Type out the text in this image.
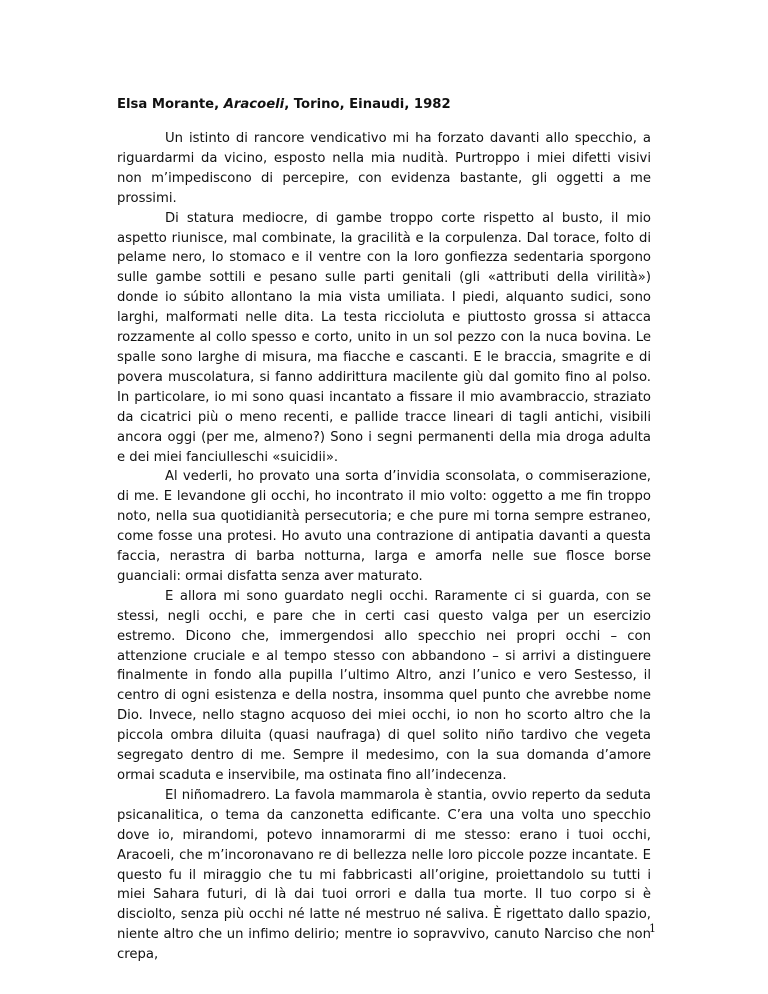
Elsa Morante, Aracoeli, Torino, Einaudi, 1982

Un istinto di rancore vendicativo mi ha forzato davanti allo specchio, a riguardarmi da vicino, esposto nella mia nudità. Purtroppo i miei difetti visivi non m’impediscono di percepire, con evidenza bastante, gli oggetti a me prossimi.

Di statura mediocre, di gambe troppo corte rispetto al busto, il mio aspetto riunisce, mal combinate, la gracilità e la corpulenza. Dal torace, folto di pelame nero, lo stomaco e il ventre con la loro gonfiezza sedentaria sporgono sulle gambe sottili e pesano sulle parti genitali (gli «attributi della virilità») donde io súbito allontano la mia vista umiliata. I piedi, alquanto sudici, sono larghi, malformati nelle dita. La testa riccioluta e piuttosto grossa si attacca rozzamente al collo spesso e corto, unito in un sol pezzo con la nuca bovina. Le spalle sono larghe di misura, ma fiacche e cascanti. E le braccia, smagrite e di povera muscolatura, si fanno addirittura macilente giù dal gomito fino al polso. In particolare, io mi sono quasi incantato a fissare il mio avambraccio, straziato da cicatrici più o meno recenti, e pallide tracce lineari di tagli antichi, visibili ancora oggi (per me, almeno?) Sono i segni permanenti della mia droga adulta e dei miei fanciulleschi «suicidii».

Al vederli, ho provato una sorta d’invidia sconsolata, o commiserazione, di me. E levandone gli occhi, ho incontrato il mio volto: oggetto a me fin troppo noto, nella sua quotidianità persecutoria; e che pure mi torna sempre estraneo, come fosse una protesi. Ho avuto una contrazione di antipatia davanti a questa faccia, nerastra di barba notturna, larga e amorfa nelle sue flosce borse guanciali: ormai disfatta senza aver maturato.

E allora mi sono guardato negli occhi. Raramente ci si guarda, con se stessi, negli occhi, e pare che in certi casi questo valga per un esercizio estremo. Dicono che, immergendosi allo specchio nei propri occhi – con attenzione cruciale e al tempo stesso con abbandono – si arrivi a distinguere finalmente in fondo alla pupilla l’ultimo Altro, anzi l’unico e vero Sestesso, il centro di ogni esistenza e della nostra, insomma quel punto che avrebbe nome Dio. Invece, nello stagno acquoso dei miei occhi, io non ho scorto altro che la piccola ombra diluita (quasi naufraga) di quel solito niño tardivo che vegeta segregato dentro di me. Sempre il medesimo, con la sua domanda d’amore ormai scaduta e inservibile, ma ostinata fino all’indecenza.

El niñomadrero. La favola mammarola è stantia, ovvio reperto da seduta psicanalitica, o tema da canzonetta edificante. C’era una volta uno specchio dove io, mirandomi, potevo innamorarmi di me stesso: erano i tuoi occhi, Aracoeli, che m’incoronavano re di bellezza nelle loro piccole pozze incantate. E questo fu il miraggio che tu mi fabbricasti all’origine, proiettandolo su tutti i miei Sahara futuri, di là dai tuoi orrori e dalla tua morte. Il tuo corpo si è disciolto, senza più occhi né latte né mestruo né saliva. È rigettato dallo spazio, niente altro che un infimo delirio; mentre io sopravvivo, canuto Narciso che non crepa,

1
